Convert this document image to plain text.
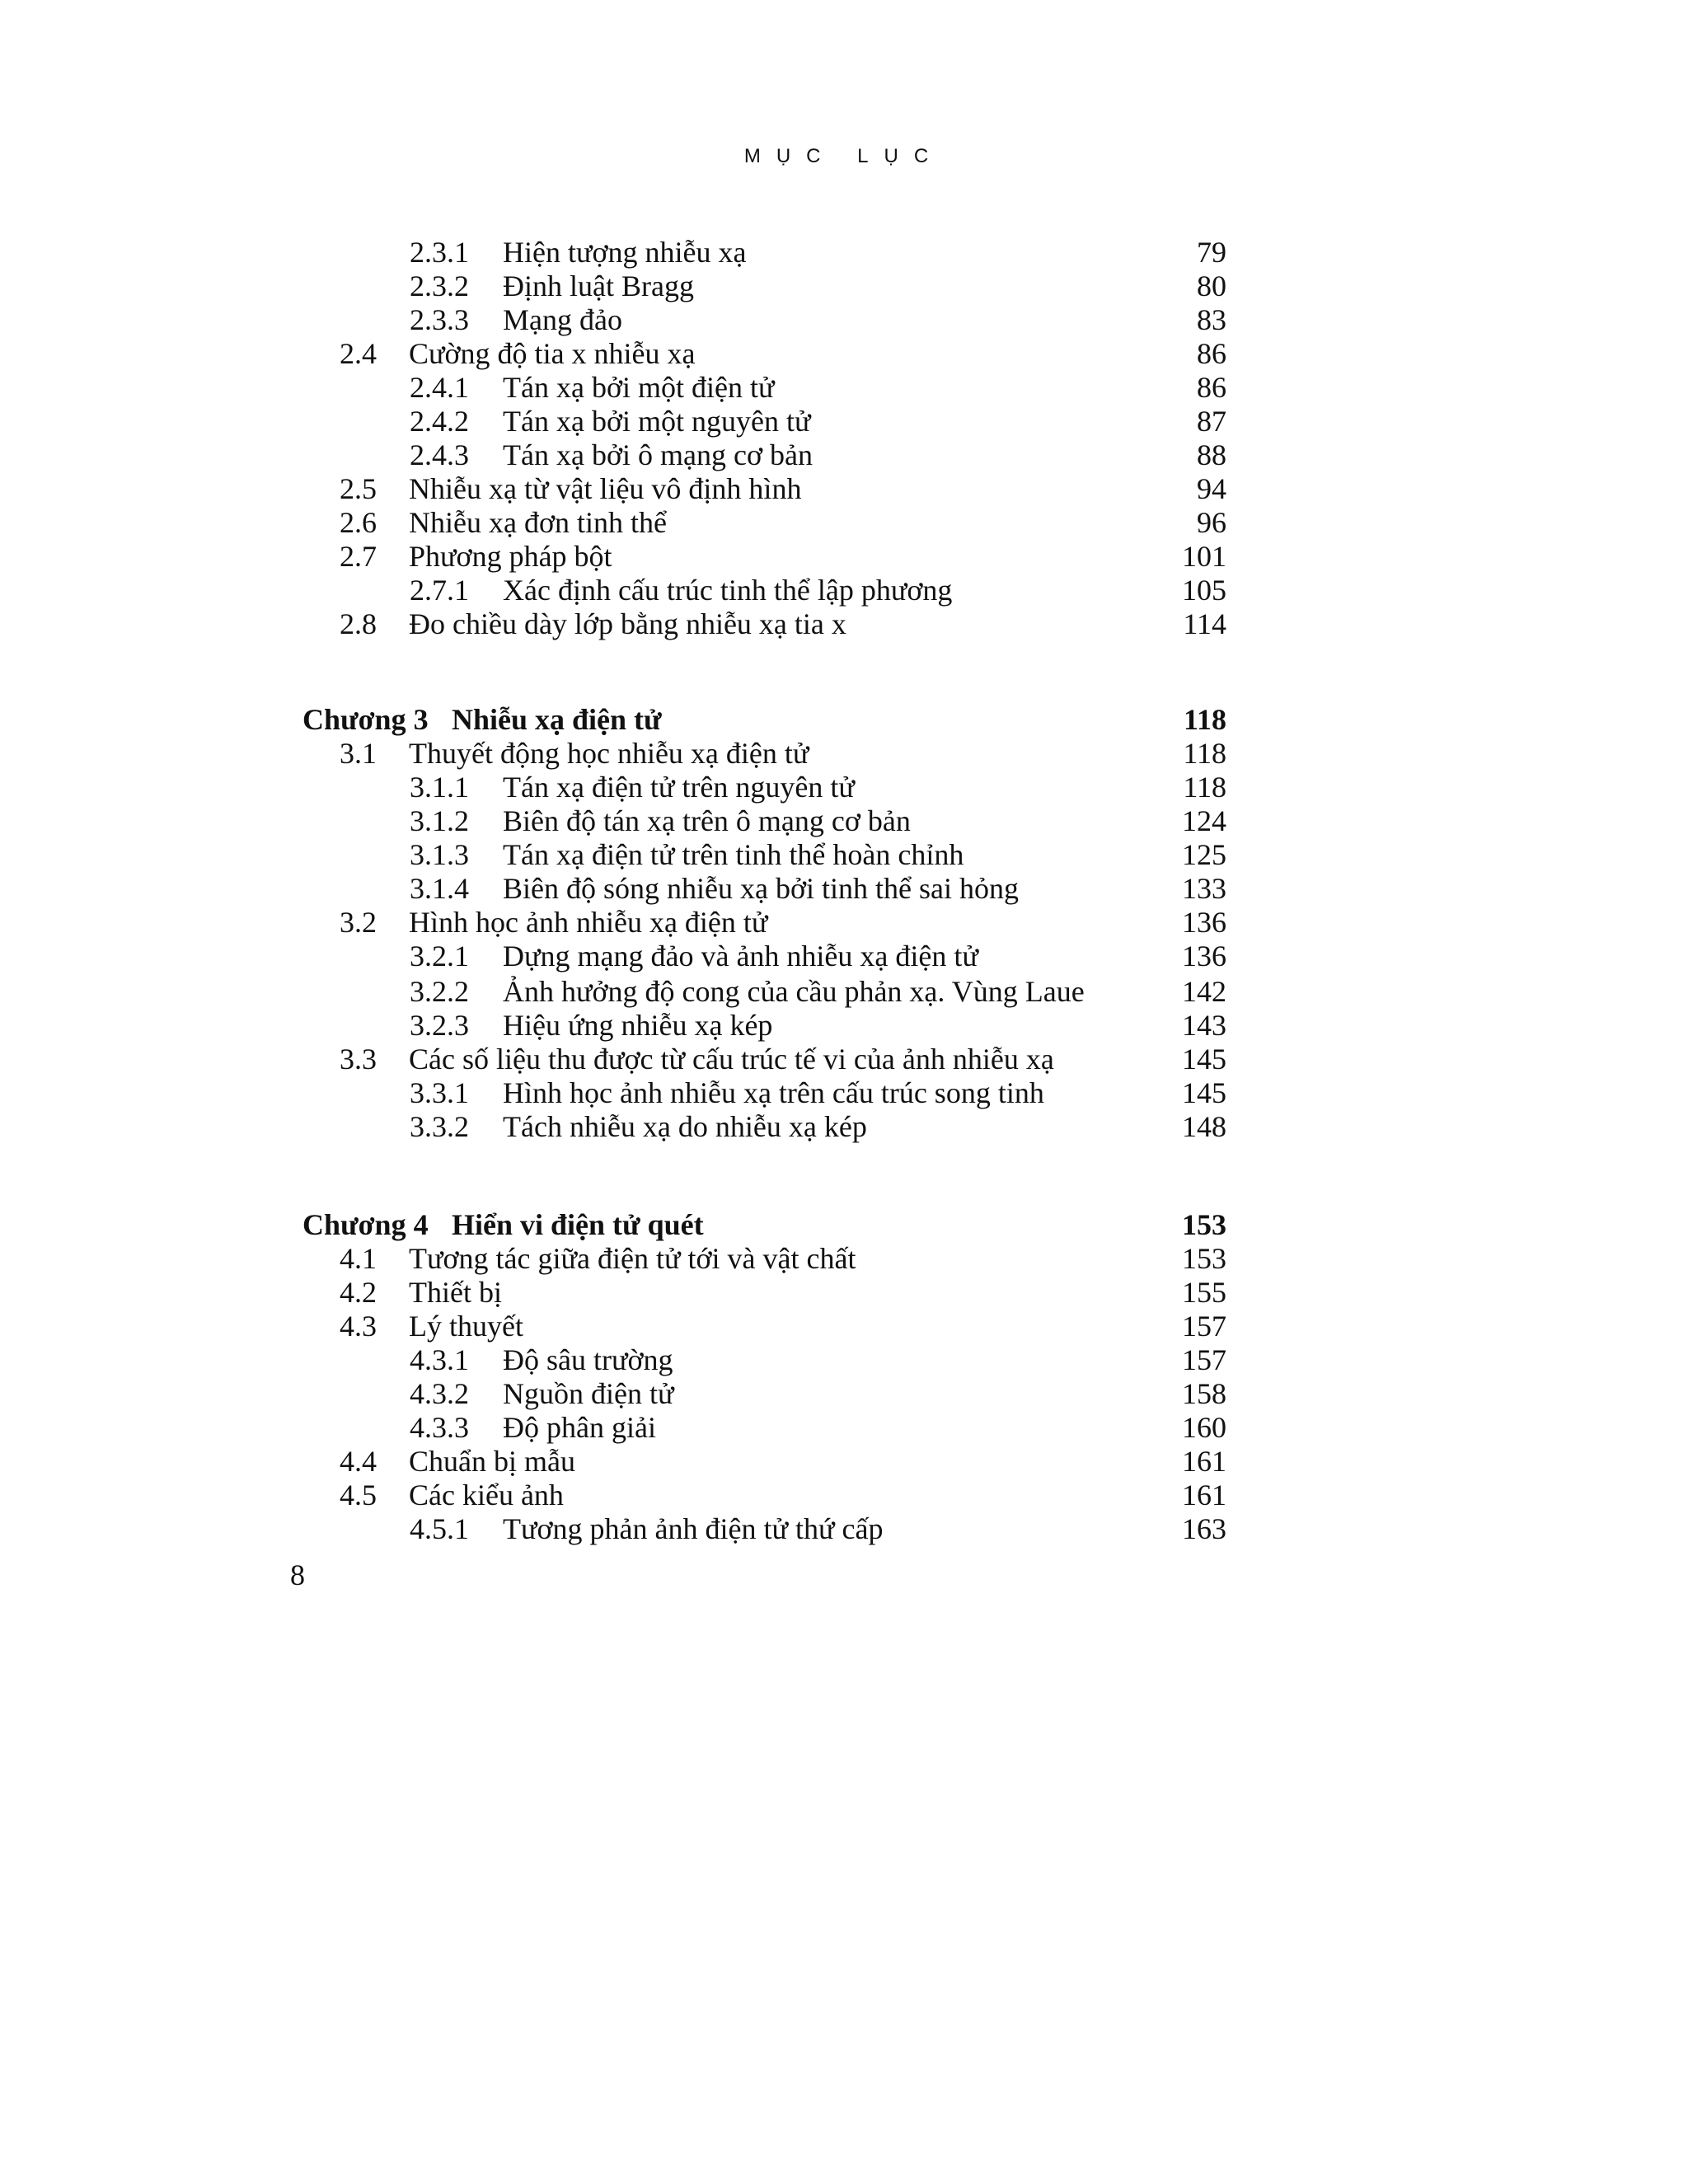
MỤC LỤC
2.3.1 Hiện tượng nhiễu xạ	79
2.3.2 Định luật Bragg	80
2.3.3 Mạng đảo	83
2.4 Cường độ tia x nhiễu xạ	86
2.4.1 Tán xạ bởi một điện tử	86
2.4.2 Tán xạ bởi một nguyên tử	87
2.4.3 Tán xạ bởi ô mạng cơ bản	88
2.5 Nhiễu xạ từ vật liệu vô định hình	94
2.6 Nhiễu xạ đơn tinh thể	96
2.7 Phương pháp bột	101
2.7.1 Xác định cấu trúc tinh thể lập phương	105
2.8 Đo chiều dày lớp bằng nhiễu xạ tia x	114
Chương 3 Nhiễu xạ điện tử	118
3.1 Thuyết động học nhiễu xạ điện tử	118
3.1.1 Tán xạ điện tử trên nguyên tử	118
3.1.2 Biên độ tán xạ trên ô mạng cơ bản	124
3.1.3 Tán xạ điện tử trên tinh thể hoàn chỉnh	125
3.1.4 Biên độ sóng nhiễu xạ bởi tinh thể sai hỏng	133
3.2 Hình học ảnh nhiễu xạ điện tử	136
3.2.1 Dựng mạng đảo và ảnh nhiễu xạ điện tử	136
3.2.2 Ảnh hưởng độ cong của cầu phản xạ. Vùng Laue	142
3.2.3 Hiệu ứng nhiễu xạ kép	143
3.3 Các số liệu thu được từ cấu trúc tế vi của ảnh nhiễu xạ	145
3.3.1 Hình học ảnh nhiễu xạ trên cấu trúc song tinh	145
3.3.2 Tách nhiễu xạ do nhiễu xạ kép	148
Chương 4 Hiển vi điện tử quét	153
4.1 Tương tác giữa điện tử tới và vật chất	153
4.2 Thiết bị	155
4.3 Lý thuyết	157
4.3.1 Độ sâu trường	157
4.3.2 Nguồn điện tử	158
4.3.3 Độ phân giải	160
4.4 Chuẩn bị mẫu	161
4.5 Các kiểu ảnh	161
4.5.1 Tương phản ảnh điện tử thứ cấp	163
8
